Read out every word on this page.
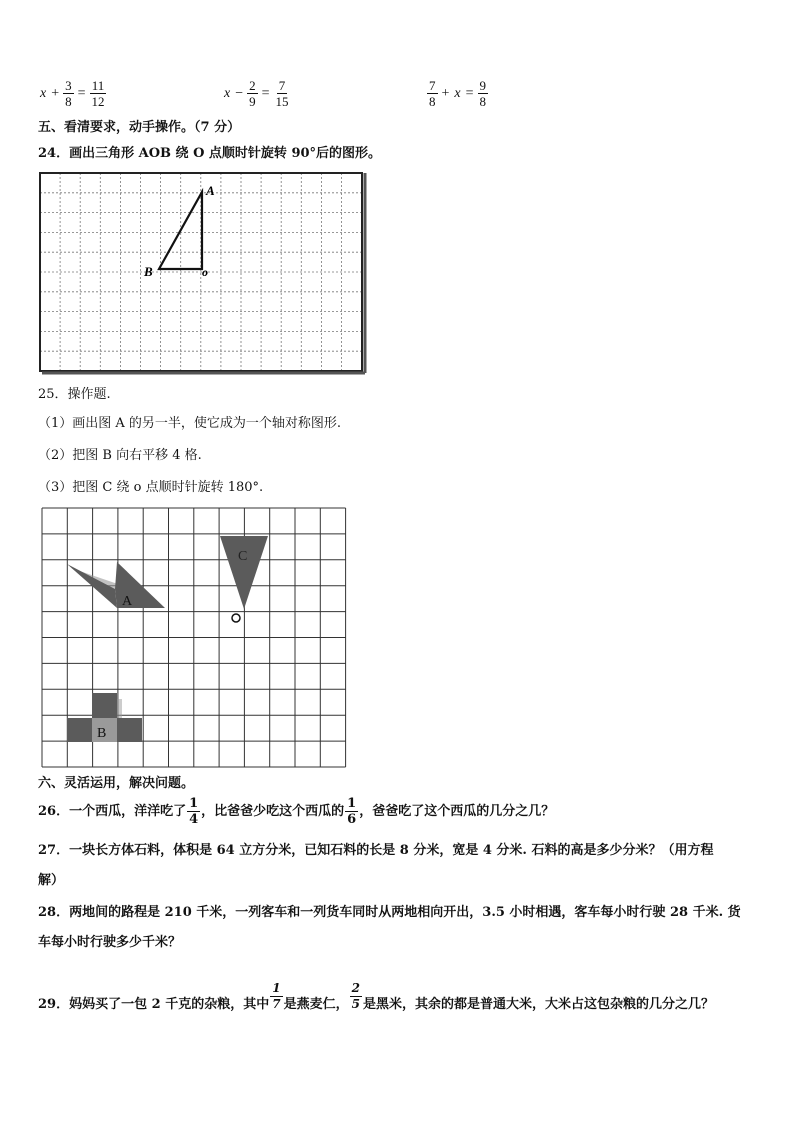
$x + \frac{3}{8} = \frac{11}{12}$	$x - \frac{2}{9} = \frac{7}{15}$	$\frac{7}{8} + x = \frac{9}{8}$
五、看清要求，动手操作。（7 分）
24．画出三角形 AOB 绕 O 点顺时针旋转 90°后的图形。
A
B	o
25．操作题.
（1）画出图 A 的另一半，使它成为一个轴对称图形.
（2）把图 B 向右平移 4 格.
（3）把图 C 绕 o 点顺时针旋转 180°.
A
B
C
六、灵活运用，解决问题。
26．一个西瓜，洋洋吃了 $\frac{1}{4}$ ，比爸爸少吃这个西瓜的 $\frac{1}{6}$ ，爸爸吃了这个西瓜的几分之几？
27．一块长方体石料，体积是 64 立方分米，已知石料的长是 8 分米，宽是 4 分米. 石料的高是多少分米？（用方程
解）
28．两地间的路程是 210 千米，一列客车和一列货车同时从两地相向开出，3.5 小时相遇，客车每小时行驶 28 千米. 货
车每小时行驶多少千米？
29．妈妈买了一包 2 千克的杂粮，其中 $\frac{1}{7}$ 是燕麦仁， $\frac{2}{5}$ 是黑米，其余的都是普通大米，大米占这包杂粮的几分之几？
